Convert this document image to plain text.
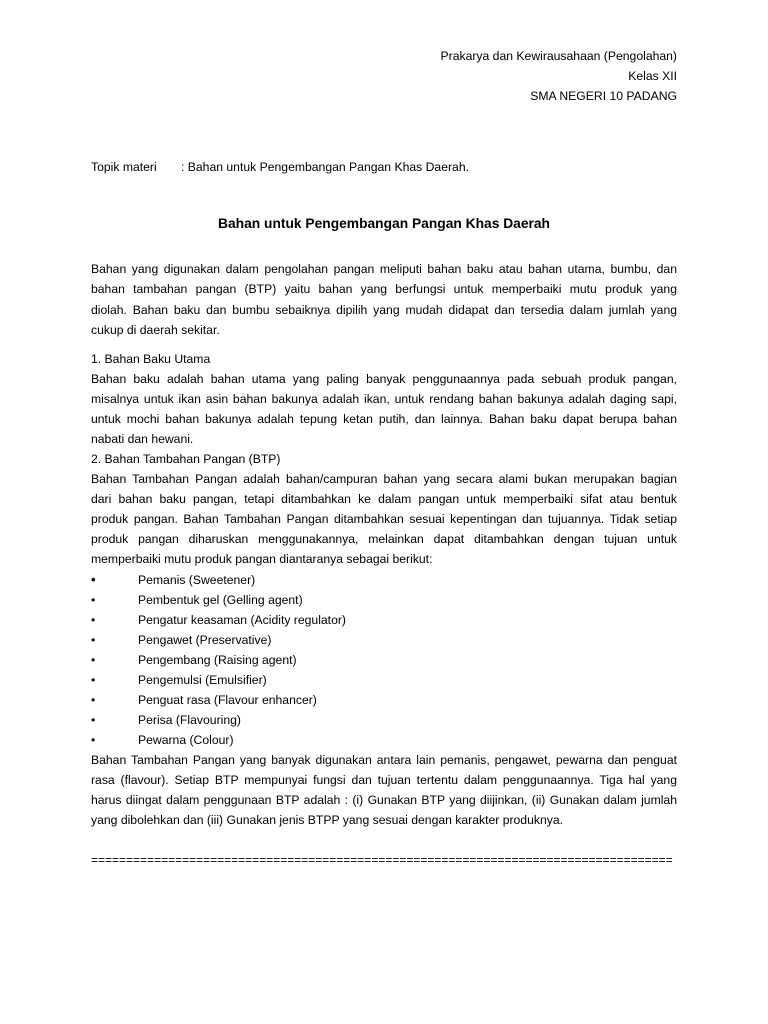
Prakarya dan Kewirausahaan (Pengolahan)
Kelas XII
SMA NEGERI 10 PADANG
Topik materi : Bahan untuk Pengembangan Pangan Khas Daerah.
Bahan untuk Pengembangan Pangan Khas Daerah
Bahan yang digunakan dalam pengolahan pangan meliputi bahan baku atau bahan utama, bumbu, dan
bahan tambahan pangan (BTP) yaitu bahan yang berfungsi untuk memperbaiki mutu produk yang
diolah. Bahan baku dan bumbu sebaiknya dipilih yang mudah didapat dan tersedia dalam jumlah yang
cukup di daerah sekitar.
1. Bahan Baku Utama
Bahan baku adalah bahan utama yang paling banyak penggunaannya pada sebuah produk pangan,
misalnya untuk ikan asin bahan bakunya adalah ikan, untuk rendang bahan bakunya adalah daging sapi,
untuk mochi bahan bakunya adalah tepung ketan putih, dan lainnya. Bahan baku dapat berupa bahan
nabati dan hewani.
2. Bahan Tambahan Pangan (BTP)
Bahan Tambahan Pangan adalah bahan/campuran bahan yang secara alami bukan merupakan bagian
dari bahan baku pangan, tetapi ditambahkan ke dalam pangan untuk memperbaiki sifat atau bentuk
produk pangan. Bahan Tambahan Pangan ditambahkan sesuai kepentingan dan tujuannya. Tidak setiap
produk pangan diharuskan menggunakannya, melainkan dapat ditambahkan dengan tujuan untuk
memperbaiki mutu produk pangan diantaranya sebagai berikut:
•	Pemanis (Sweetener)
•	Pembentuk gel (Gelling agent)
•	Pengatur keasaman (Acidity regulator)
•	Pengawet (Preservative)
•	Pengembang (Raising agent)
•	Pengemulsi (Emulsifier)
•	Penguat rasa (Flavour enhancer)
•	Perisa (Flavouring)
•	Pewarna (Colour)
Bahan Tambahan Pangan yang banyak digunakan antara lain pemanis, pengawet, pewarna dan penguat
rasa (flavour). Setiap BTP mempunyai fungsi dan tujuan tertentu dalam penggunaannya. Tiga hal yang
harus diingat dalam penggunaan BTP adalah : (i) Gunakan BTP yang diijinkan, (ii) Gunakan dalam jumlah
yang dibolehkan dan (iii) Gunakan jenis BTPP yang sesuai dengan karakter produknya.
===================================================================================
